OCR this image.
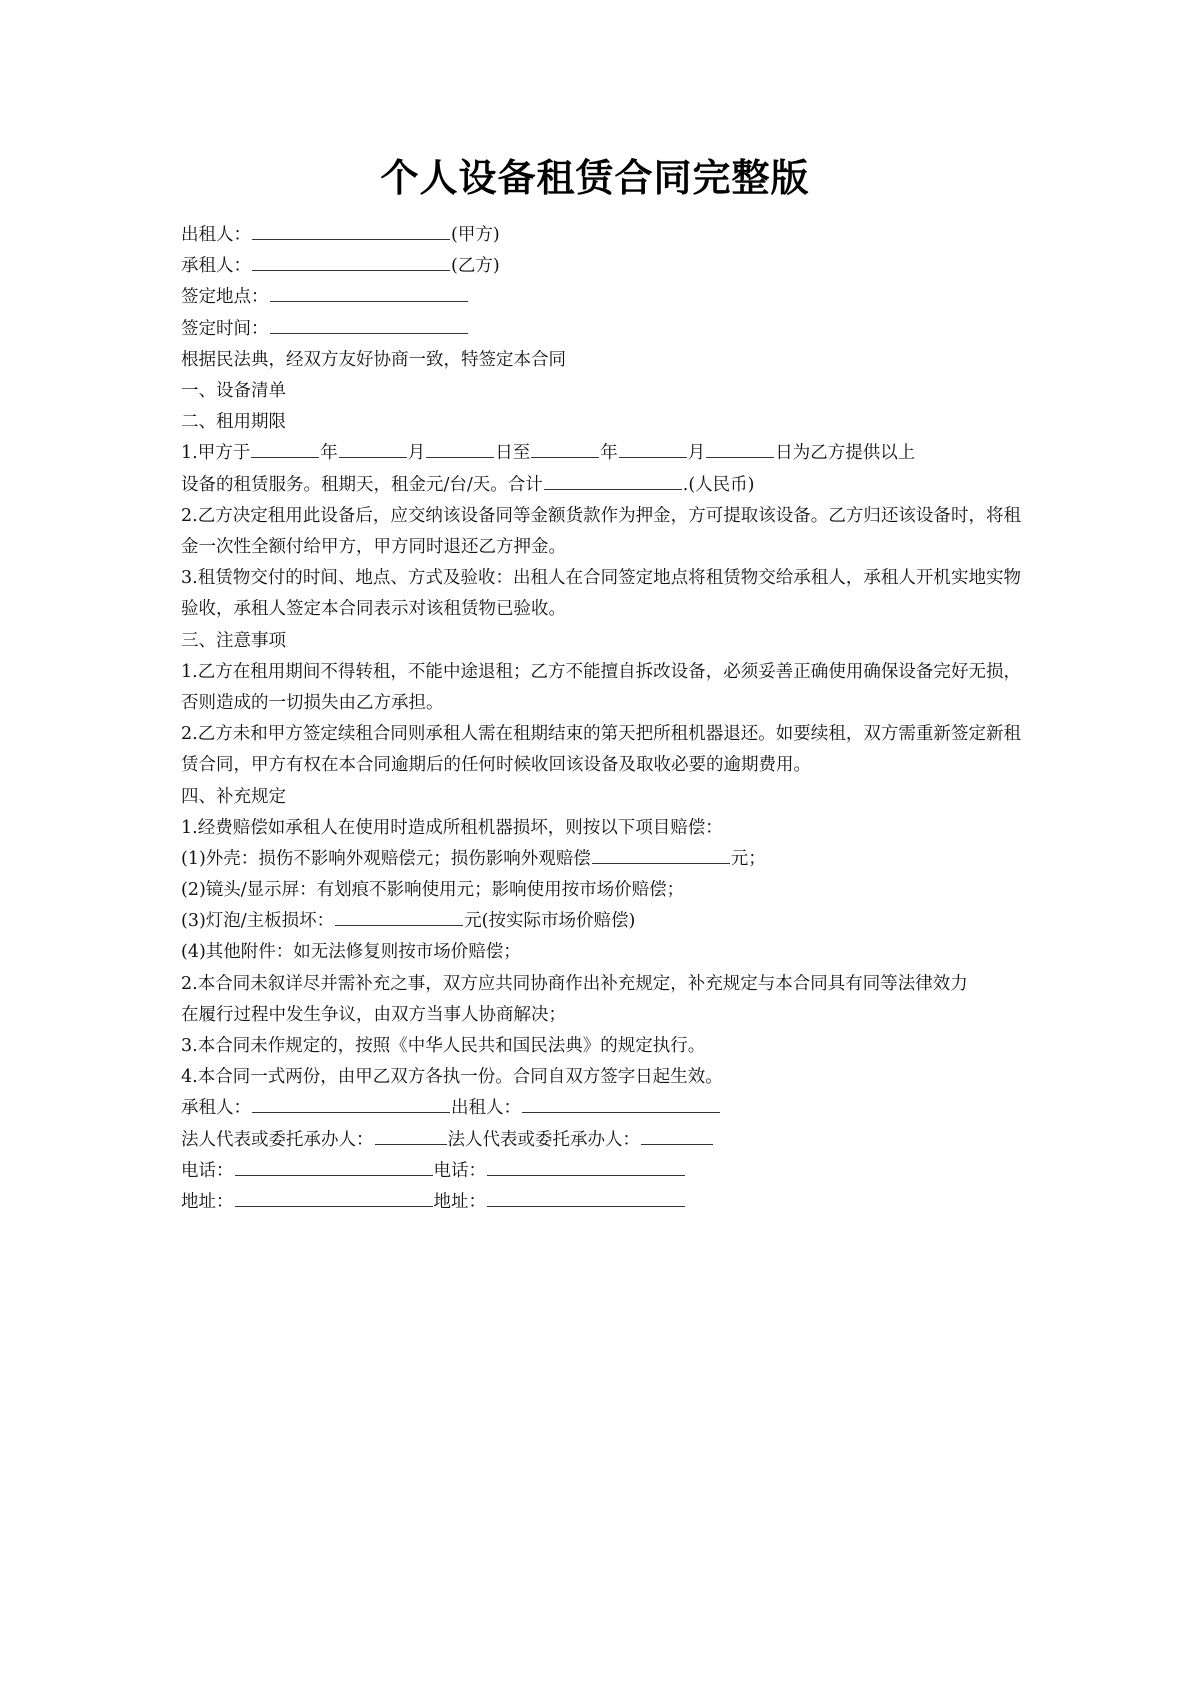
个人设备租赁合同完整版
出租人：	(甲方)
承租人：	(乙方)
签定地点：
签定时间：
根据民法典，经双方友好协商一致，特签定本合同
一、设备清单
二、租用期限
1.甲方于	年	月	日至	年	月	日为乙方提供以上
设备的租赁服务。租期天，租金元/台/天。合计	.(人民币)
2.乙方决定租用此设备后，应交纳该设备同等金额货款作为押金，方可提取该设备。乙方归还该设备时，将租金一次性全额付给甲方，甲方同时退还乙方押金。
3.租赁物交付的时间、地点、方式及验收：出租人在合同签定地点将租赁物交给承租人，承租人开机实地实物验收，承租人签定本合同表示对该租赁物已验收。
三、注意事项
1.乙方在租用期间不得转租，不能中途退租；乙方不能擅自拆改设备，必须妥善正确使用确保设备完好无损，否则造成的一切损失由乙方承担。
2.乙方未和甲方签定续租合同则承租人需在租期结束的第天把所租机器退还。如要续租，双方需重新签定新租赁合同，甲方有权在本合同逾期后的任何时候收回该设备及取收必要的逾期费用。
四、补充规定
1.经费赔偿如承租人在使用时造成所租机器损坏，则按以下项目赔偿：
(1)外壳：损伤不影响外观赔偿元；损伤影响外观赔偿	元；
(2)镜头/显示屏：有划痕不影响使用元；影响使用按市场价赔偿；
(3)灯泡/主板损坏：	元(按实际市场价赔偿)
(4)其他附件：如无法修复则按市场价赔偿；
2.本合同未叙详尽并需补充之事，双方应共同协商作出补充规定，补充规定与本合同具有同等法律效力
在履行过程中发生争议，由双方当事人协商解决；
3.本合同未作规定的，按照《中华人民共和国民法典》的规定执行。
4.本合同一式两份，由甲乙双方各执一份。合同自双方签字日起生效。
承租人：	出租人：
法人代表或委托承办人：	法人代表或委托承办人：
电话：	电话：
地址：	地址：
